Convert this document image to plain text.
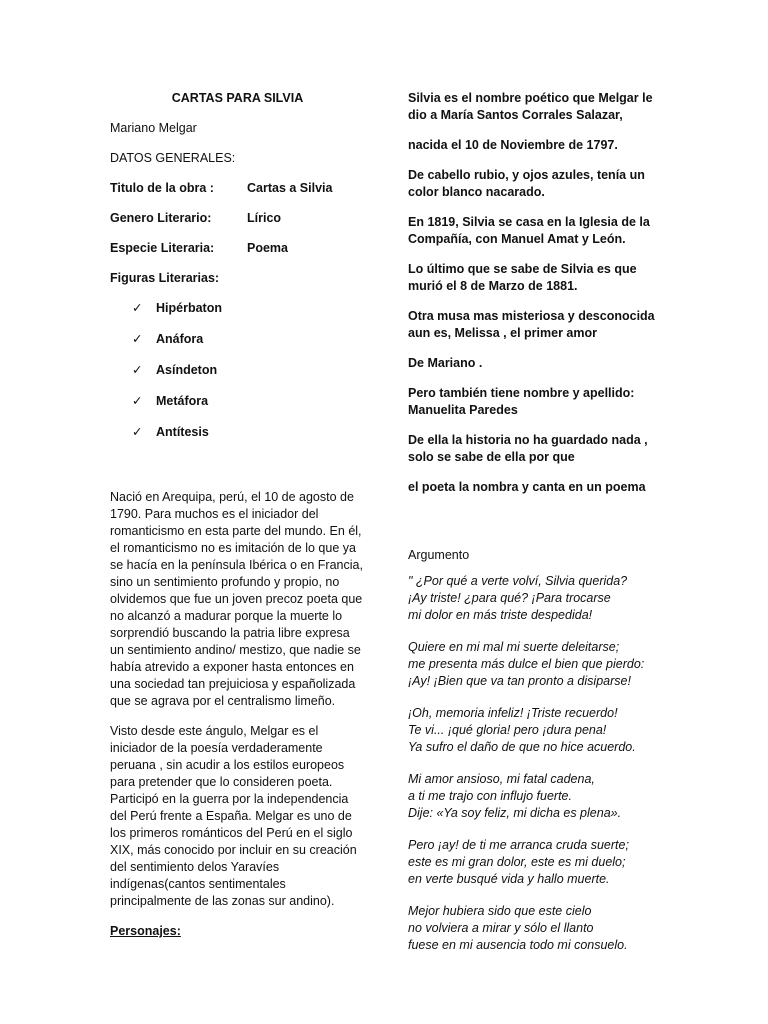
CARTAS PARA SILVIA
Mariano Melgar
DATOS GENERALES:
Titulo de la obra :	Cartas a Silvia
Genero Literario:	Lírico
Especie Literaria:	Poema
Figuras Literarias:
✓	Hipérbaton
✓	Anáfora
✓	Asíndeton
✓	Metáfora
✓	Antítesis
Nació en Arequipa, perú, el 10 de agosto de 1790. Para muchos es el iniciador del romanticismo en esta parte del mundo. En él, el romanticismo no es imitación de lo que ya se hacía en la península Ibérica o en Francia, sino un sentimiento profundo y propio, no olvidemos que fue un joven precoz poeta que no alcanzó a madurar porque la muerte lo sorprendió buscando la patria libre expresa un sentimiento andino/ mestizo, que nadie se había atrevido a exponer hasta entonces en una sociedad tan prejuiciosa y españolizada que se agrava por el centralismo limeño.
Visto desde este ángulo, Melgar es el iniciador de la poesía verdaderamente peruana , sin acudir a los estilos europeos para pretender que lo consideren poeta. Participó en la guerra por la independencia del Perú frente a España. Melgar es uno de los primeros románticos del Perú en el siglo XIX, más conocido por incluir en su creación del sentimiento delos Yaravíes indígenas(cantos sentimentales principalmente de las zonas sur andino).
Personajes:
Silvia es el nombre poético que Melgar le dio a María Santos Corrales Salazar,
nacida el 10 de Noviembre de 1797.
De cabello rubio, y ojos azules, tenía un color blanco nacarado.
En 1819, Silvia se casa en la Iglesia de la Compañía, con Manuel Amat y León.
Lo último que se sabe de Silvia es que murió el 8 de Marzo de 1881.
Otra musa mas misteriosa y desconocida aun es, Melissa , el primer amor
De Mariano .
Pero también tiene nombre y apellido: Manuelita Paredes
De ella la historia no ha guardado nada , solo se sabe de ella por que
el poeta la nombra y canta en un poema
Argumento
" ¿Por qué a verte volví, Silvia querida?
¡Ay triste! ¿para qué? ¡Para trocarse
mi dolor en más triste despedida!
Quiere en mi mal mi suerte deleitarse;
me presenta más dulce el bien que pierdo:
¡Ay! ¡Bien que va tan pronto a disiparse!
¡Oh, memoria infeliz! ¡Triste recuerdo!
Te vi... ¡qué gloria! pero ¡dura pena!
Ya sufro el daño de que no hice acuerdo.
Mi amor ansioso, mi fatal cadena,
a ti me trajo con influjo fuerte.
Dije: «Ya soy feliz, mi dicha es plena».
Pero ¡ay! de ti me arranca cruda suerte;
este es mi gran dolor, este es mi duelo;
en verte busqué vida y hallo muerte.
Mejor hubiera sido que este cielo
no volviera a mirar y sólo el llanto
fuese en mi ausencia todo mi consuelo.
